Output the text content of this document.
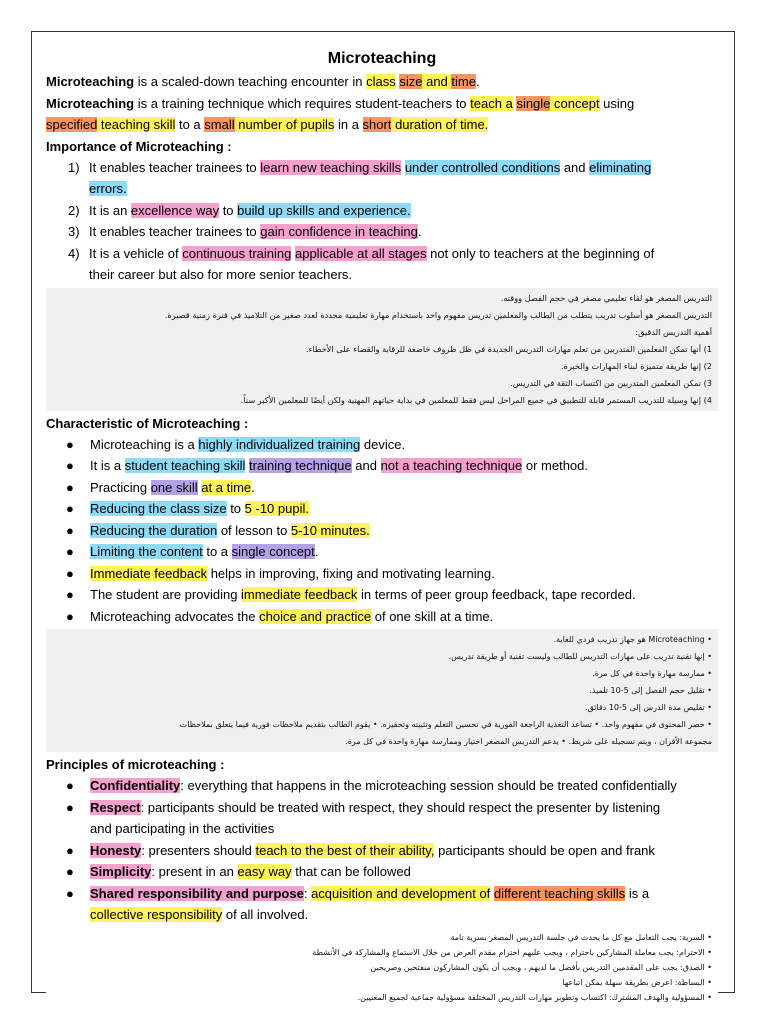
Microteaching

Microteaching is a scaled-down teaching encounter in class size and time.

Microteaching is a training technique which requires student-teachers to teach a single concept using

specified teaching skill to a small number of pupils in a short duration of time.

Importance of Microteaching :

1) It enables teacher trainees to learn new teaching skills under controlled conditions and eliminating
errors.
2) It is an excellence way to build up skills and experience.
3) It enables teacher trainees to gain confidence in teaching.
4) It is a vehicle of continuous training applicable at all stages not only to teachers at the beginning of
their career but also for more senior teachers.
التدريس المصغر هو لقاء تعليمي مصغر في حجم الفصل ووقته.
التدريس المصغر هو أسلوب تدريب يتطلب من الطالب والمعلمين تدريس مفهوم واحد باستخدام مهارة تعليمية محددة لعدد صغير من التلاميذ في فترة زمنية قصيرة.
أهمية التدريس الدقيق:
1) أنها تمكن المعلمين المتدربين من تعلم مهارات التدريس الجديدة في ظل ظروف خاضعة للرقابة والقضاء على الأخطاء.
2) إنها طريقة متميزة لبناء المهارات والخبرة.
3) تمكن المعلمين المتدربين من اكتساب الثقة في التدريس.
4) إنها وسيلة للتدريب المستمر قابلة للتطبيق في جميع المراحل ليس فقط للمعلمين في بداية حياتهم المهنية ولكن أيضًا للمعلمين الأكبر سناً.

Characteristic of Microteaching :

● Microteaching is a highly individualized training device.
● It is a student teaching skill training technique and not a teaching technique or method.
● Practicing one skill at a time.
● Reducing the class size to 5 -10 pupil.
● Reducing the duration of lesson to 5-10 minutes.
● Limiting the content to a single concept.
● Immediate feedback helps in improving, fixing and motivating learning.
● The student are providing immediate feedback in terms of peer group feedback, tape recorded.
● Microteaching advocates the choice and practice of one skill at a time.
• Microteaching هو جهاز تدريب فردي للغاية.
• إنها تقنية تدريب على مهارات التدريس للطالب وليست تقنية أو طريقة تدريس.
• ممارسة مهارة واحدة في كل مرة.
• تقليل حجم الفصل إلى 5-10 تلميذ.
• تقليص مدة الدرس إلى 5-10 دقائق.
• حصر المحتوى في مفهوم واحد. • تساعد التغذية الراجعة الفورية في تحسين التعلم وتثبيته وتحفيزه. • يقوم الطالب بتقديم ملاحظات فورية فيما يتعلق بملاحظات
مجموعة الأقران ، ويتم تسجيله على شريط. • يدعم التدريس المصغر اختيار وممارسة مهارة واحدة في كل مرة.

Principles of microteaching :

● Confidentiality: everything that happens in the microteaching session should be treated confidentially
● Respect: participants should be treated with respect, they should respect the presenter by listening
and participating in the activities
● Honesty: presenters should teach to the best of their ability, participants should be open and frank
● Simplicity: present in an easy way that can be followed
● Shared responsibility and purpose: acquisition and development of different teaching skills is a
collective responsibility of all involved.
• السرية: يجب التعامل مع كل ما يحدث في جلسة التدريس المصغر بسرية تامة
• الاحترام: يجب معاملة المشاركين باحترام ، ويجب عليهم احترام مقدم العرض من خلال الاستماع والمشاركة في الأنشطة
• الصدق: يجب على المقدمين التدريس بأفضل ما لديهم ، ويجب أن يكون المشاركون منفتحين وصريحين
• البساطة: اعرض بطريقة سهلة يمكن اتباعها
• المسؤولية والهدف المشترك: اكتساب وتطوير مهارات التدريس المختلفة مسؤولية جماعية لجميع المعنيين.
